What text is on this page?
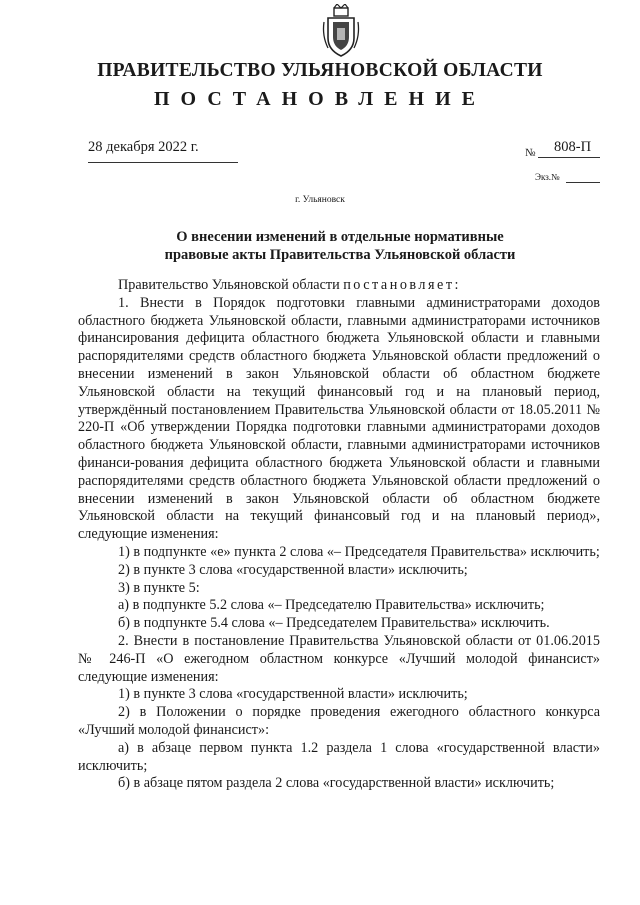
ПРАВИТЕЛЬСТВО УЛЬЯНОВСКОЙ ОБЛАСТИ
ПОСТАНОВЛЕНИЕ
28 декабря 2022 г.	№ 808-П
Экз.№
г. Ульяновск
О внесении изменений в отдельные нормативные
правовые акты Правительства Ульяновской области

Правительство Ульяновской области постановляет:

1. Внести в Порядок подготовки главными администраторами доходов областного бюджета Ульяновской области, главными администраторами источников финансирования дефицита областного бюджета Ульяновской области и главными распорядителями средств областного бюджета Ульяновской области предложений о внесении изменений в закон Ульяновской области об областном бюджете Ульяновской области на текущий финансовый год и на плановый период, утверждённый постановлением Правительства Ульяновской области от 18.05.2011 № 220-П «Об утверждении Порядка подготовки главными администраторами доходов областного бюджета Ульяновской области, главными администраторами источников финанси-рования дефицита областного бюджета Ульяновской области и главными распорядителями средств областного бюджета Ульяновской области предложений о внесении изменений в закон Ульяновской области об областном бюджете Ульяновской области на текущий финансовый год и на плановый период», следующие изменения:

1) в подпункте «е» пункта 2 слова «– Председателя Правительства» исключить;

2) в пункте 3 слова «государственной власти» исключить;

3) в пункте 5:

а) в подпункте 5.2 слова «– Председателю Правительства» исключить;

б) в подпункте 5.4 слова «– Председателем Правительства» исключить.

2. Внести в постановление Правительства Ульяновской области от 01.06.2015 № 246-П «О ежегодном областном конкурсе «Лучший молодой финансист» следующие изменения:

1) в пункте 3 слова «государственной власти» исключить;

2) в Положении о порядке проведения ежегодного областного конкурса «Лучший молодой финансист»:

а) в абзаце первом пункта 1.2 раздела 1 слова «государственной власти» исключить;

б) в абзаце пятом раздела 2 слова «государственной власти» исключить;
